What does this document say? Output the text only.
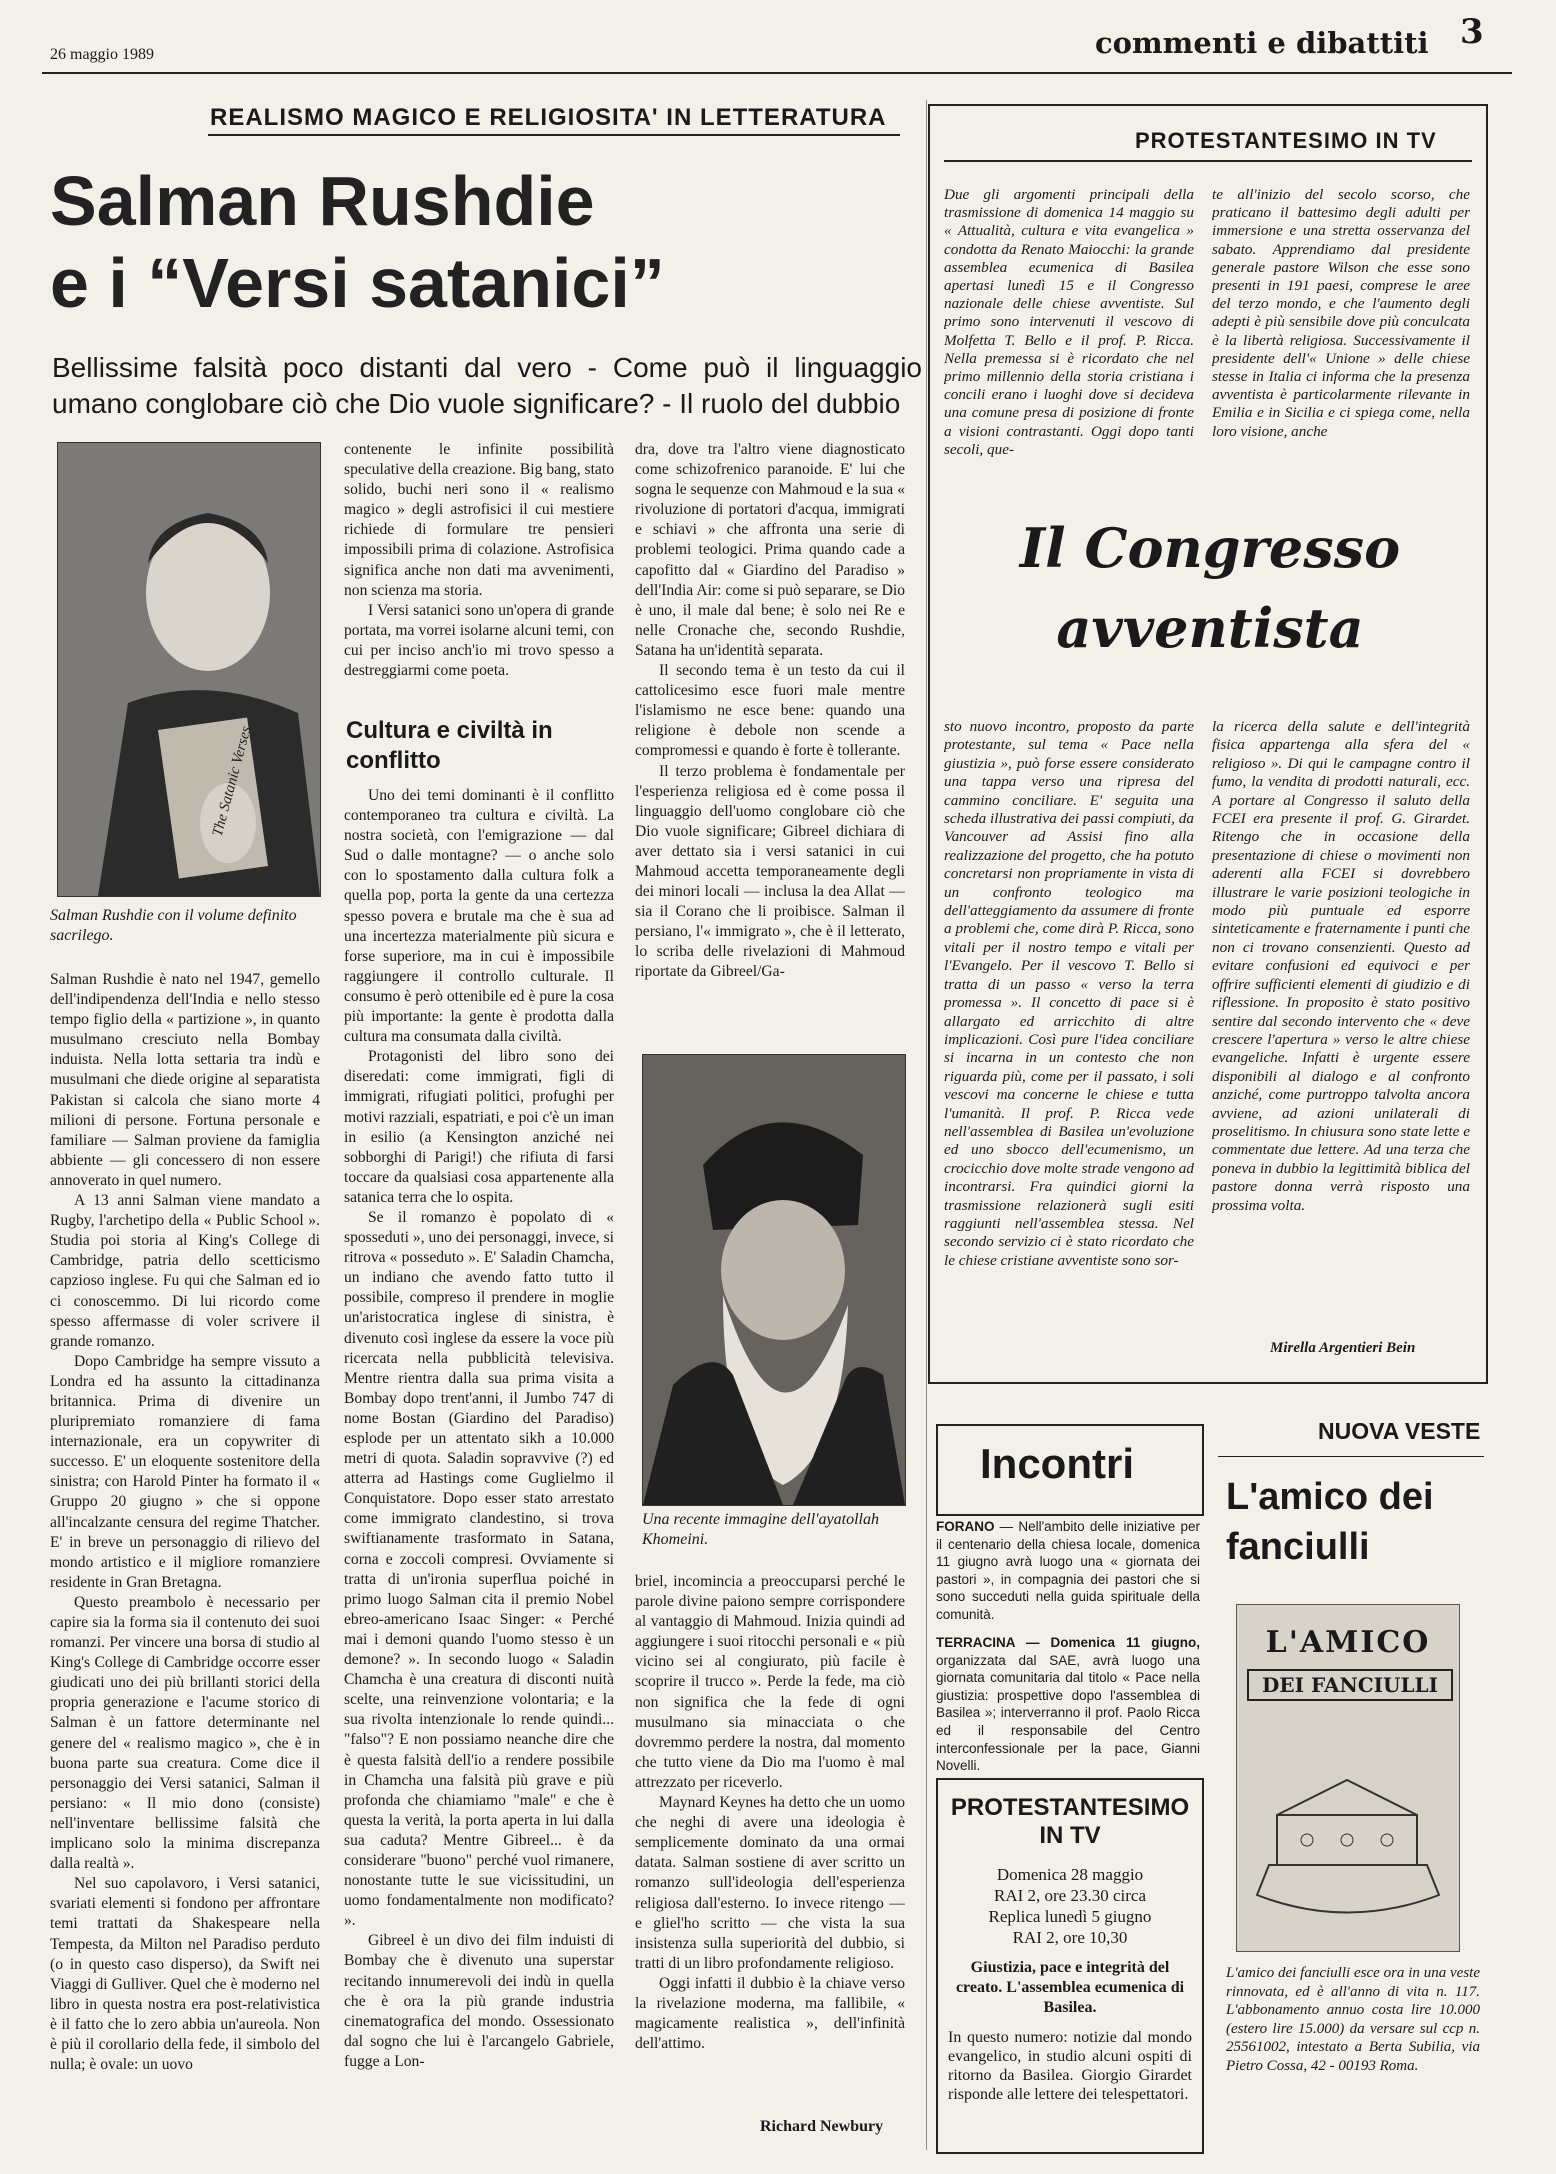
26 maggio 1989	commenti e dibattiti 3
REALISMO MAGICO E RELIGIOSITA' IN LETTERATURA
Salman Rushdie
e i “Versi satanici”
Bellissime falsità poco distanti dal vero - Come può il linguaggio umano conglobare ciò che Dio vuole significare? - Il ruolo del dubbio
The Satanic Verses
Salman Rushdie con il volume definito sacrilego.

Salman Rushdie è nato nel 1947, gemello dell'indipendenza dell'India e nello stesso tempo figlio della « partizione », in quanto musulmano cresciuto nella Bombay induista. Nella lotta settaria tra indù e musulmani che diede origine al separatista Pakistan si calcola che siano morte 4 milioni di persone. Fortuna personale e familiare — Salman proviene da famiglia abbiente — gli concessero di non essere annoverato in quel numero.

A 13 anni Salman viene mandato a Rugby, l'archetipo della « Public School ». Studia poi storia al King's College di Cambridge, patria dello scetticismo capzioso inglese. Fu qui che Salman ed io ci conoscemmo. Di lui ricordo come spesso affermasse di voler scrivere il grande romanzo.

Dopo Cambridge ha sempre vissuto a Londra ed ha assunto la cittadinanza britannica. Prima di divenire un pluripremiato romanziere di fama internazionale, era un copywriter di successo. E' un eloquente sostenitore della sinistra; con Harold Pinter ha formato il « Gruppo 20 giugno » che si oppone all'incalzante censura del regime Thatcher. E' in breve un personaggio di rilievo del mondo artistico e il migliore romanziere residente in Gran Bretagna.

Questo preambolo è necessario per capire sia la forma sia il contenuto dei suoi romanzi. Per vincere una borsa di studio al King's College di Cambridge occorre esser giudicati uno dei più brillanti storici della propria generazione e l'acume storico di Salman è un fattore determinante nel genere del « realismo magico », che è in buona parte sua creatura. Come dice il personaggio dei Versi satanici, Salman il persiano: « Il mio dono (consiste) nell'inventare bellissime falsità che implicano solo la minima discrepanza dalla realtà ».

Nel suo capolavoro, i Versi satanici, svariati elementi si fondono per affrontare temi trattati da Shakespeare nella Tempesta, da Milton nel Paradiso perduto (o in questo caso disperso), da Swift nei Viaggi di Gulliver. Quel che è moderno nel libro in questa nostra era post-relativistica è il fatto che lo zero abbia un'aureola. Non è più il corollario della fede, il simbolo del nulla; è ovale: un uovo

contenente le infinite possibilità speculative della creazione. Big bang, stato solido, buchi neri sono il « realismo magico » degli astrofisici il cui mestiere richiede di formulare tre pensieri impossibili prima di colazione. Astrofisica significa anche non dati ma avvenimenti, non scienza ma storia.

I Versi satanici sono un'opera di grande portata, ma vorrei isolarne alcuni temi, con cui per inciso anch'io mi trovo spesso a destreggiarmi come poeta.

Cultura e civiltà in conflitto

Uno dei temi dominanti è il conflitto contemporaneo tra cultura e civiltà. La nostra società, con l'emigrazione — dal Sud o dalle montagne? — o anche solo con lo spostamento dalla cultura folk a quella pop, porta la gente da una certezza spesso povera e brutale ma che è sua ad una incertezza materialmente più sicura e forse superiore, ma in cui è impossibile raggiungere il controllo culturale. Il consumo è però ottenibile ed è pure la cosa più importante: la gente è prodotta dalla cultura ma consumata dalla civiltà.

Protagonisti del libro sono dei diseredati: come immigrati, figli di immigrati, rifugiati politici, profughi per motivi razziali, espatriati, e poi c'è un iman in esilio (a Kensington anziché nei sobborghi di Parigi!) che rifiuta di farsi toccare da qualsiasi cosa appartenente alla satanica terra che lo ospita.

Se il romanzo è popolato di « sposseduti », uno dei personaggi, invece, si ritrova « posseduto ». E' Saladin Chamcha, un indiano che avendo fatto tutto il possibile, compreso il prendere in moglie un'aristocratica inglese di sinistra, è divenuto così inglese da essere la voce più ricercata nella pubblicità televisiva. Mentre rientra dalla sua prima visita a Bombay dopo trent'anni, il Jumbo 747 di nome Bostan (Giardino del Paradiso) esplode per un attentato sikh a 10.000 metri di quota. Saladin sopravvive (?) ed atterra ad Hastings come Guglielmo il Conquistatore. Dopo esser stato arrestato come immigrato clandestino, si trova swiftianamente trasformato in Satana, corna e zoccoli compresi. Ovviamente si tratta di un'ironia superflua poiché in primo luogo Salman cita il premio Nobel ebreo-americano Isaac Singer: « Perché mai i demoni quando l'uomo stesso è un demone? ». In secondo luogo « Saladin Chamcha è una creatura di disconti nuità scelte, una reinvenzione volontaria; e la sua rivolta intenzionale lo rende quindi... "falso"? E non possiamo neanche dire che è questa falsità dell'io a rendere possibile in Chamcha una falsità più grave e più profonda che chiamiamo "male" e che è questa la verità, la porta aperta in lui dalla sua caduta? Mentre Gibreel... è da considerare "buono" perché vuol rimanere, nonostante tutte le sue vicissitudini, un uomo fondamentalmente non modificato? ».

Gibreel è un divo dei film induisti di Bombay che è divenuto una superstar recitando innumerevoli dei indù in quella che è ora la più grande industria cinematografica del mondo. Ossessionato dal sogno che lui è l'arcangelo Gabriele, fugge a Lon-

dra, dove tra l'altro viene diagnosticato come schizofrenico paranoide. E' lui che sogna le sequenze con Mahmoud e la sua « rivoluzione di portatori d'acqua, immigrati e schiavi » che affronta una serie di problemi teologici. Prima quando cade a capofitto dal « Giardino del Paradiso » dell'India Air: come si può separare, se Dio è uno, il male dal bene; è solo nei Re e nelle Cronache che, secondo Rushdie, Satana ha un'identità separata.

Il secondo tema è un testo da cui il cattolicesimo esce fuori male mentre l'islamismo ne esce bene: quando una religione è debole non scende a compromessi e quando è forte è tollerante.

Il terzo problema è fondamentale per l'esperienza religiosa ed è come possa il linguaggio dell'uomo conglobare ciò che Dio vuole significare; Gibreel dichiara di aver dettato sia i versi satanici in cui Mahmoud accetta temporaneamente degli dei minori locali — inclusa la dea Allat — sia il Corano che li proibisce. Salman il persiano, l'« immigrato », che è il letterato, lo scriba delle rivelazioni di Mahmoud riportate da Gibreel/Ga-

Una recente immagine dell'ayatollah Khomeini.

briel, incomincia a preoccuparsi perché le parole divine paiono sempre corrispondere al vantaggio di Mahmoud. Inizia quindi ad aggiungere i suoi ritocchi personali e « più vicino sei al congiurato, più facile è scoprire il trucco ». Perde la fede, ma ciò non significa che la fede di ogni musulmano sia minacciata o che dovremmo perdere la nostra, dal momento che tutto viene da Dio ma l'uomo è mal attrezzato per riceverlo.

Maynard Keynes ha detto che un uomo che neghi di avere una ideologia è semplicemente dominato da una ormai datata. Salman sostiene di aver scritto un romanzo sull'ideologia dell'esperienza religiosa dall'esterno. Io invece ritengo — e gliel'ho scritto — che vista la sua insistenza sulla superiorità del dubbio, si tratti di un libro profondamente religioso.

Oggi infatti il dubbio è la chiave verso la rivelazione moderna, ma fallibile, « magicamente realistica », dell'infinità dell'attimo.

Richard Newbury
PROTESTANTESIMO IN TV
Due gli argomenti principali della trasmissione di domenica 14 maggio su « Attualità, cultura e vita evangelica » condotta da Renato Maiocchi: la grande assemblea ecumenica di Basilea apertasi lunedì 15 e il Congresso nazionale delle chiese avventiste. Sul primo sono intervenuti il vescovo di Molfetta T. Bello e il prof. P. Ricca. Nella premessa si è ricordato che nel primo millennio della storia cristiana i concili erano i luoghi dove si decideva una comune presa di posizione di fronte a visioni contrastanti. Oggi dopo tanti secoli, que-
te all'inizio del secolo scorso, che praticano il battesimo degli adulti per immersione e una stretta osservanza del sabato. Apprendiamo dal presidente generale pastore Wilson che esse sono presenti in 191 paesi, comprese le aree del terzo mondo, e che l'aumento degli adepti è più sensibile dove più conculcata è la libertà religiosa. Successivamente il presidente dell'« Unione » delle chiese stesse in Italia ci informa che la presenza avventista è particolarmente rilevante in Emilia e in Sicilia e ci spiega come, nella loro visione, anche
Il Congresso
avventista
sto nuovo incontro, proposto da parte protestante, sul tema « Pace nella giustizia », può forse essere considerato una tappa verso una ripresa del cammino conciliare. E' seguita una scheda illustrativa dei passi compiuti, da Vancouver ad Assisi fino alla realizzazione del progetto, che ha potuto concretarsi non propriamente in vista di un confronto teologico ma dell'atteggiamento da assumere di fronte a problemi che, come dirà P. Ricca, sono vitali per il nostro tempo e vitali per l'Evangelo. Per il vescovo T. Bello si tratta di un passo « verso la terra promessa ». Il concetto di pace si è allargato ed arricchito di altre implicazioni. Così pure l'idea conciliare si incarna in un contesto che non riguarda più, come per il passato, i soli vescovi ma concerne le chiese e tutta l'umanità. Il prof. P. Ricca vede nell'assemblea di Basilea un'evoluzione ed uno sbocco dell'ecumenismo, un crocicchio dove molte strade vengono ad incontrarsi. Fra quindici giorni la trasmissione relazionerà sugli esiti raggiunti nell'assemblea stessa. Nel secondo servizio ci è stato ricordato che le chiese cristiane avventiste sono sor-
la ricerca della salute e dell'integrità fisica appartenga alla sfera del « religioso ». Di qui le campagne contro il fumo, la vendita di prodotti naturali, ecc. A portare al Congresso il saluto della FCEI era presente il prof. G. Girardet. Ritengo che in occasione della presentazione di chiese o movimenti non aderenti alla FCEI si dovrebbero illustrare le varie posizioni teologiche in modo più puntuale ed esporre sinteticamente e fraternamente i punti che non ci trovano consenzienti. Questo ad evitare confusioni ed equivoci e per offrire sufficienti elementi di giudizio e di riflessione. In proposito è stato positivo sentire dal secondo intervento che « deve crescere l'apertura » verso le altre chiese evangeliche. Infatti è urgente essere disponibili al dialogo e al confronto anziché, come purtroppo talvolta ancora avviene, ad azioni unilaterali di proselitismo. In chiusura sono state lette e commentate due lettere. Ad una terza che poneva in dubbio la legittimità biblica del pastore donna verrà risposto una prossima volta.
Mirella Argentieri Bein
Incontri
FORANO — Nell'ambito delle iniziative per il centenario della chiesa locale, domenica 11 giugno avrà luogo una « giornata dei pastori », in compagnia dei pastori che si sono succeduti nella guida spirituale della comunità.
TERRACINA — Domenica 11 giugno, organizzata dal SAE, avrà luogo una giornata comunitaria dal titolo « Pace nella giustizia: prospettive dopo l'assemblea di Basilea »; interverranno il prof. Paolo Ricca ed il responsabile del Centro interconfessionale per la pace, Gianni Novelli.
PROTESTANTESIMO
IN TV
Domenica 28 maggio
RAI 2, ore 23.30 circa
Replica lunedì 5 giugno
RAI 2, ore 10,30
Giustizia, pace e integrità del creato. L'assemblea ecumenica di Basilea.
In questo numero: notizie dal mondo evangelico, in studio alcuni ospiti di ritorno da Basilea. Giorgio Girardet risponde alle lettere dei telespettatori.
NUOVA VESTE
L'amico dei fanciulli
L'AMICO
DEI FANCIULLI
L'amico dei fanciulli esce ora in una veste rinnovata, ed è all'anno di vita n. 117. L'abbonamento annuo costa lire 10.000 (estero lire 15.000) da versare sul ccp n. 25561002, intestato a Berta Subilia, via Pietro Cossa, 42 - 00193 Roma.
